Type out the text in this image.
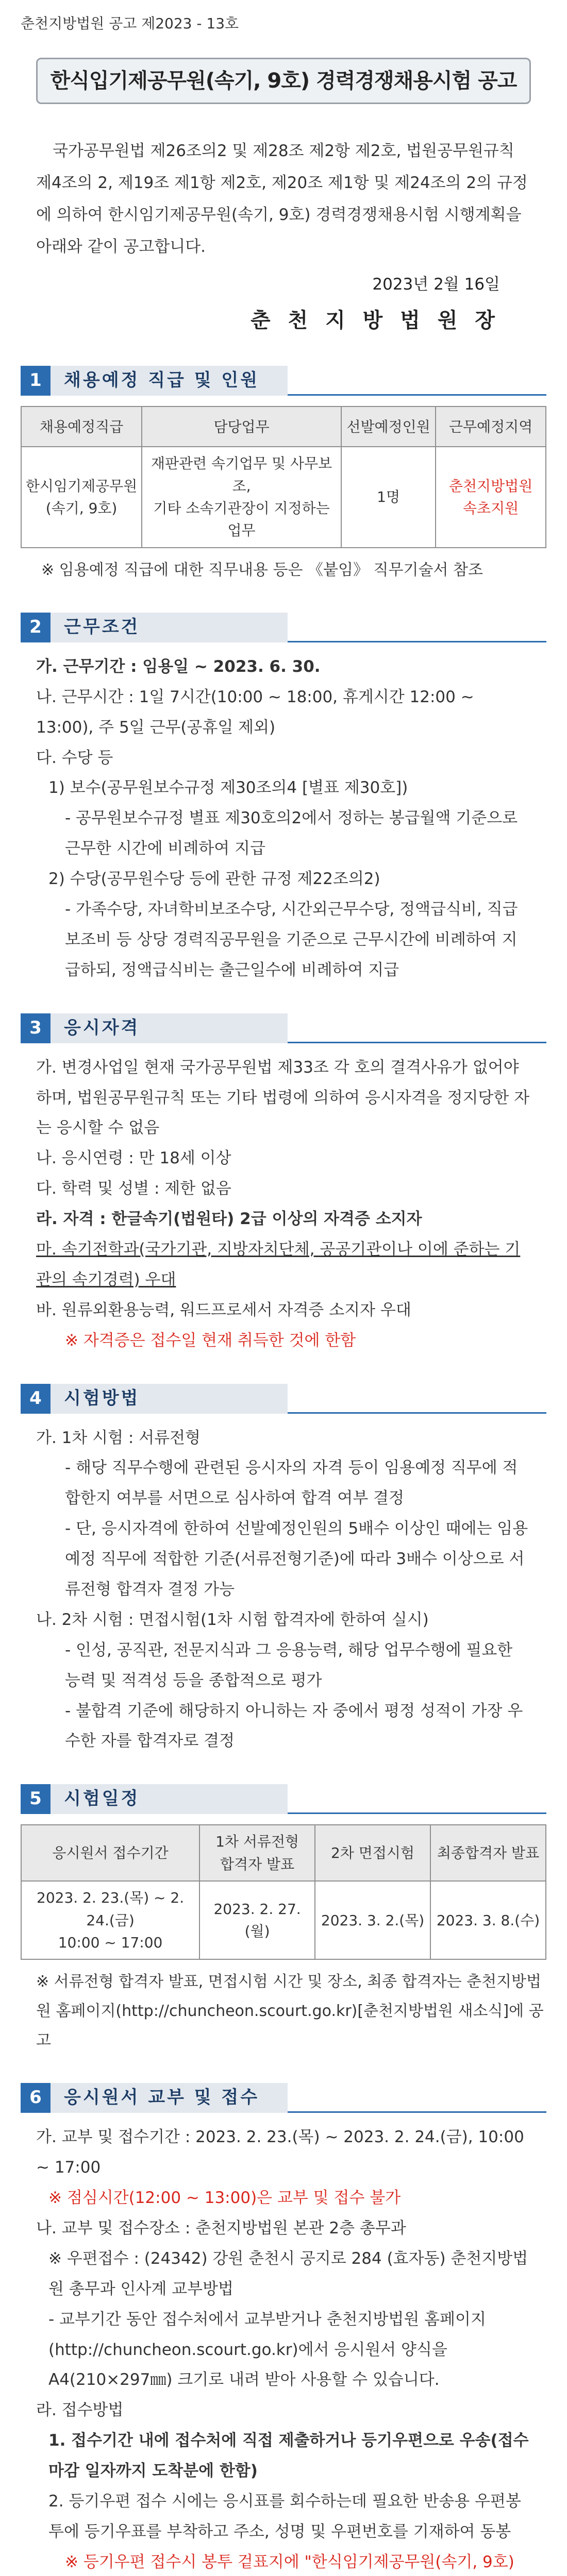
춘천지방법원 공고 제2023 - 13호
한식입기제공무원(속기, 9호) 경력경쟁채용시험 공고
국가공무원법 제26조의2 및 제28조 제2항 제2호, 법원공무원규칙 제4조의 2, 제19조 제1항 제2호, 제20조 제1항 및 제24조의 2의 규정에 의하여 한시임기제공무원(속기, 9호) 경력경쟁채용시험 시행계획을 아래와 같이 공고합니다.
2023년 2월 16일
춘 천 지 방 법 원 장
1	채용예정 직급 및 인원
채용예정직급	담당업무	선발예정인원	근무예정지역
한시임기제공무원
(속기, 9호)	재판관련 속기업무 및 사무보조,
기타 소속기관장이 지정하는 업무	1명	춘천지방법원
속초지원
※ 임용예정 직급에 대한 직무내용 등은 《붙임》 직무기술서 참조
2	근무조건
가. 근무기간 : 임용일 ~ 2023. 6. 30.
나. 근무시간 : 1일 7시간(10:00 ~ 18:00, 휴게시간 12:00 ~ 13:00), 주 5일 근무(공휴일 제외)
다. 수당 등
1) 보수(공무원보수규정 제30조의4 [별표 제30호])
- 공무원보수규정 별표 제30호의2에서 정하는 봉급월액 기준으로 근무한 시간에 비례하여 지급
2) 수당(공무원수당 등에 관한 규정 제22조의2)
- 가족수당, 자녀학비보조수당, 시간외근무수당, 정액급식비, 직급보조비 등 상당 경력직공무원을 기준으로 근무시간에 비례하여 지급하되, 정액급식비는 출근일수에 비례하여 지급
3	응시자격
가. 변경사업일 현재 국가공무원법 제33조 각 호의 결격사유가 없어야 하며, 법원공무원규칙 또는 기타 법령에 의하여 응시자격을 정지당한 자는 응시할 수 없음
나. 응시연령 : 만 18세 이상
다. 학력 및 성별 : 제한 없음
라. 자격 : 한글속기(법원타) 2급 이상의 자격증 소지자
마. 속기전학과(국가기관, 지방자치단체, 공공기관이나 이에 준하는 기관의 속기경력) 우대
바. 원류외환용능력, 워드프로세서 자격증 소지자 우대
※ 자격증은 접수일 현재 취득한 것에 한함
4	시험방법
가. 1차 시험 : 서류전형
- 해당 직무수행에 관련된 응시자의 자격 등이 임용예정 직무에 적합한지 여부를 서면으로 심사하여 합격 여부 결정
- 단, 응시자격에 한하여 선발예정인원의 5배수 이상인 때에는 임용예정 직무에 적합한 기준(서류전형기준)에 따라 3배수 이상으로 서류전형 합격자 결정 가능
나. 2차 시험 : 면접시험(1차 시험 합격자에 한하여 실시)
- 인성, 공직관, 전문지식과 그 응용능력, 해당 업무수행에 필요한 능력 및 적격성 등을 종합적으로 평가
- 불합격 기준에 해당하지 아니하는 자 중에서 평정 성적이 가장 우수한 자를 합격자로 결정
5	시험일정
응시원서 접수기간	1차 서류전형
합격자 발표	2차 면접시험	최종합격자 발표
2023. 2. 23.(목) ~ 2. 24.(금)
10:00 ~ 17:00	2023. 2. 27.(월)	2023. 3. 2.(목)	2023. 3. 8.(수)
※ 서류전형 합격자 발표, 면접시험 시간 및 장소, 최종 합격자는 춘천지방법원 홈페이지(http://chuncheon.scourt.go.kr)[춘천지방법원 새소식]에 공고
6	응시원서 교부 및 접수
가. 교부 및 접수기간 : 2023. 2. 23.(목) ~ 2023. 2. 24.(금), 10:00 ~ 17:00
※ 점심시간(12:00 ~ 13:00)은 교부 및 접수 불가
나. 교부 및 접수장소 : 춘천지방법원 본관 2층 총무과
※ 우편접수 : (24342) 강원 춘천시 공지로 284 (효자동) 춘천지방법원 총무과 인사계 교부방법
- 교부기간 동안 접수처에서 교부받거나 춘천지방법원 홈페이지(http://chuncheon.scourt.go.kr)에서 응시원서 양식을 A4(210×297㎜) 크기로 내려 받아 사용할 수 있습니다.
라. 접수방법
1. 접수기간 내에 접수처에 직접 제출하거나 등기우편으로 우송(접수마감 일자까지 도착분에 한함)
2. 등기우편 접수 시에는 응시표를 회수하는데 필요한 반송용 우편봉투에 등기우표를 부착하고 주소, 성명 및 우편번호를 기재하여 동봉
※ 등기우편 접수시 봉투 겉표지에 "한식임기제공무원(속기, 9호)
